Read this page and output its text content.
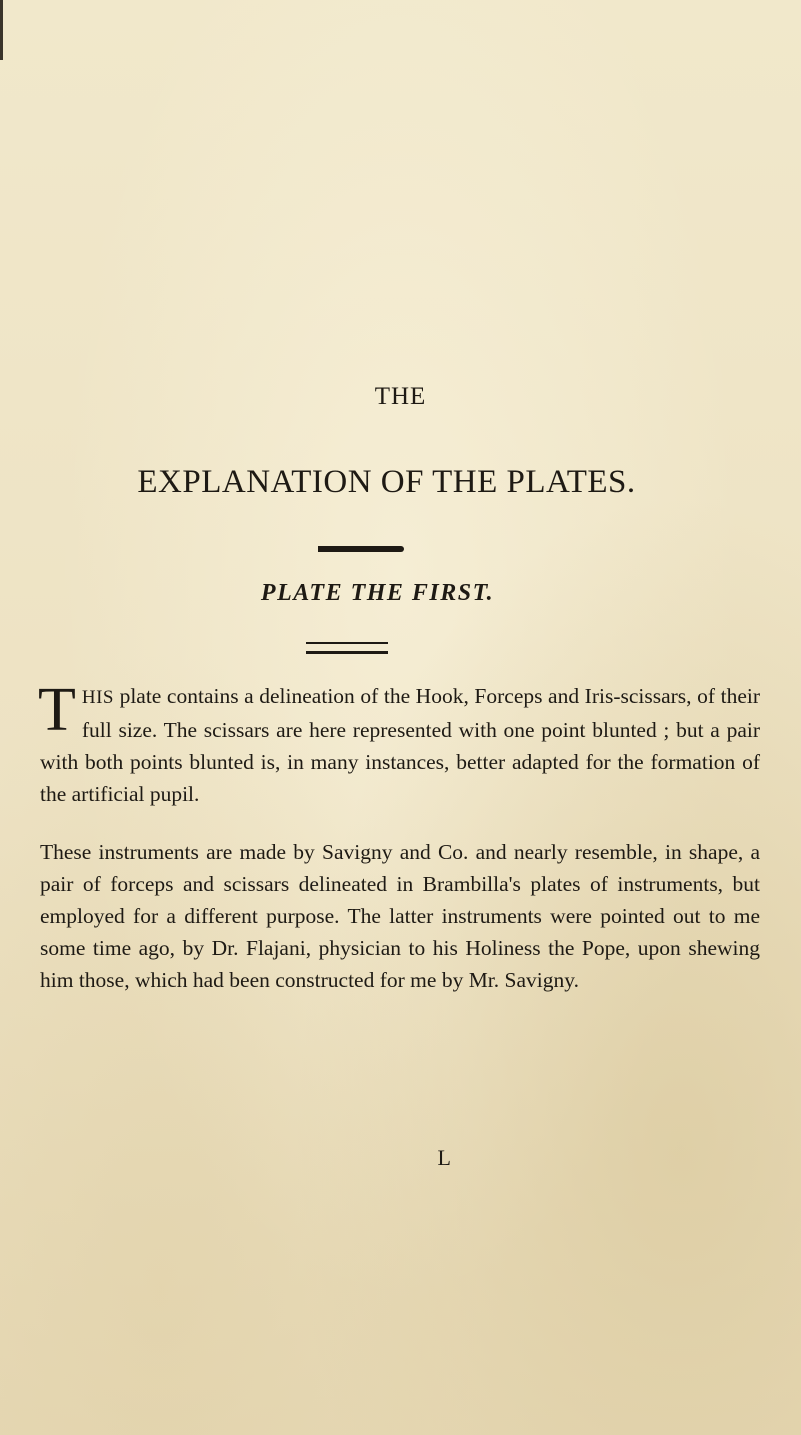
THE
EXPLANATION OF THE PLATES.
PLATE THE FIRST.

THIS plate contains a delineation of the Hook, Forceps and Iris-scissars, of their full size. The scissars are here represented with one point blunted ; but a pair with both points blunted is, in many instances, better adapted for the formation of the artificial pupil.

These instruments are made by Savigny and Co. and nearly resemble, in shape, a pair of forceps and scissars delineated in Brambilla's plates of instruments, but employed for a different purpose. The latter instruments were pointed out to me some time ago, by Dr. Flajani, physician to his Holiness the Pope, upon shewing him those, which had been constructed for me by Mr. Savigny.

L
